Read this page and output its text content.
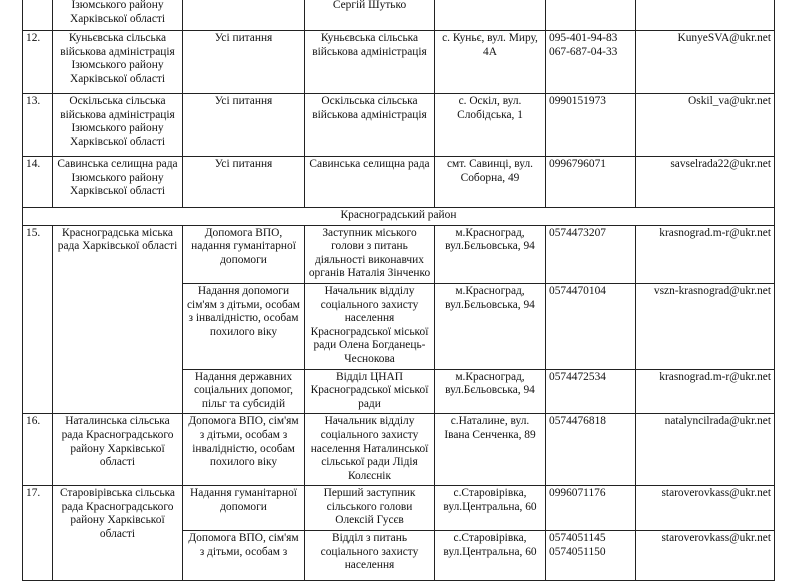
	Ізюмського району Харківської області		Сергій Шутько			
12.	Куньєвська сільська військова адміністрація Ізюмського району Харківської області	Усі питання	Куньєвська сільська військова адміністрація	с. Куньє, вул. Миру, 4А	095-401-94-83
067-687-04-33	KunyeSVA@ukr.net
13.	Оскільська сільська військова адміністрація Ізюмського району Харківської області	Усі питання	Оскільська сільська військова адміністрація	с. Оскіл, вул. Слобідська, 1	0990151973	Oskil_va@ukr.net
14.	Савинська селищна рада Ізюмського району Харківської області	Усі питання	Савинська селищна рада	смт. Савинці, вул. Соборна, 49	0996796071	savselrada22@ukr.net
Красноградський район						
15.	Красноградська міська рада Харківської області	Допомога ВПО, надання гуманітарної допомоги	Заступник міського голови з питань діяльності виконавчих органів Наталія Зінченко	м.Красноград, вул.Бєльовська, 94	0574473207	krasnograd.m-r@ukr.net
		Надання допомоги сім'ям з дітьми, особам з інвалідністю, особам похилого віку	Начальник відділу соціального захисту населення Красноградської міської ради Олена Богданець-Чеснокова	м.Красноград, вул.Бєльовська, 94	0574470104	vszn-krasnograd@ukr.net
		Надання державних соціальних допомог, пільг та субсидій	Відділ ЦНАП Красноградської міської ради	м.Красноград, вул.Бєльовська, 94	0574472534	krasnograd.m-r@ukr.net
16.	Наталинська сільська рада Красноградського району Харківської області	Допомога ВПО, сім'ям з дітьми, особам з інвалідністю, особам похилого віку	Начальник відділу соціального захисту населення Наталинської сільської ради Лідія Колєснік	с.Наталине, вул. Івана Сенченка, 89	0574476818	natalyncilrada@ukr.net
17.	Старовірівська сільська рада Красноградського району Харківської області	Надання гуманітарної допомоги	Перший заступник сільського голови Олексій Гусєв	с.Старовірівка, вул.Центральна, 60	0996071176	staroverovkass@ukr.net
		Допомога ВПО, сім'ям з дітьми, особам з	Відділ з питань соціального захисту населення	с.Старовірівка, вул.Центральна, 60	0574051145
0574051150	staroverovkass@ukr.net
